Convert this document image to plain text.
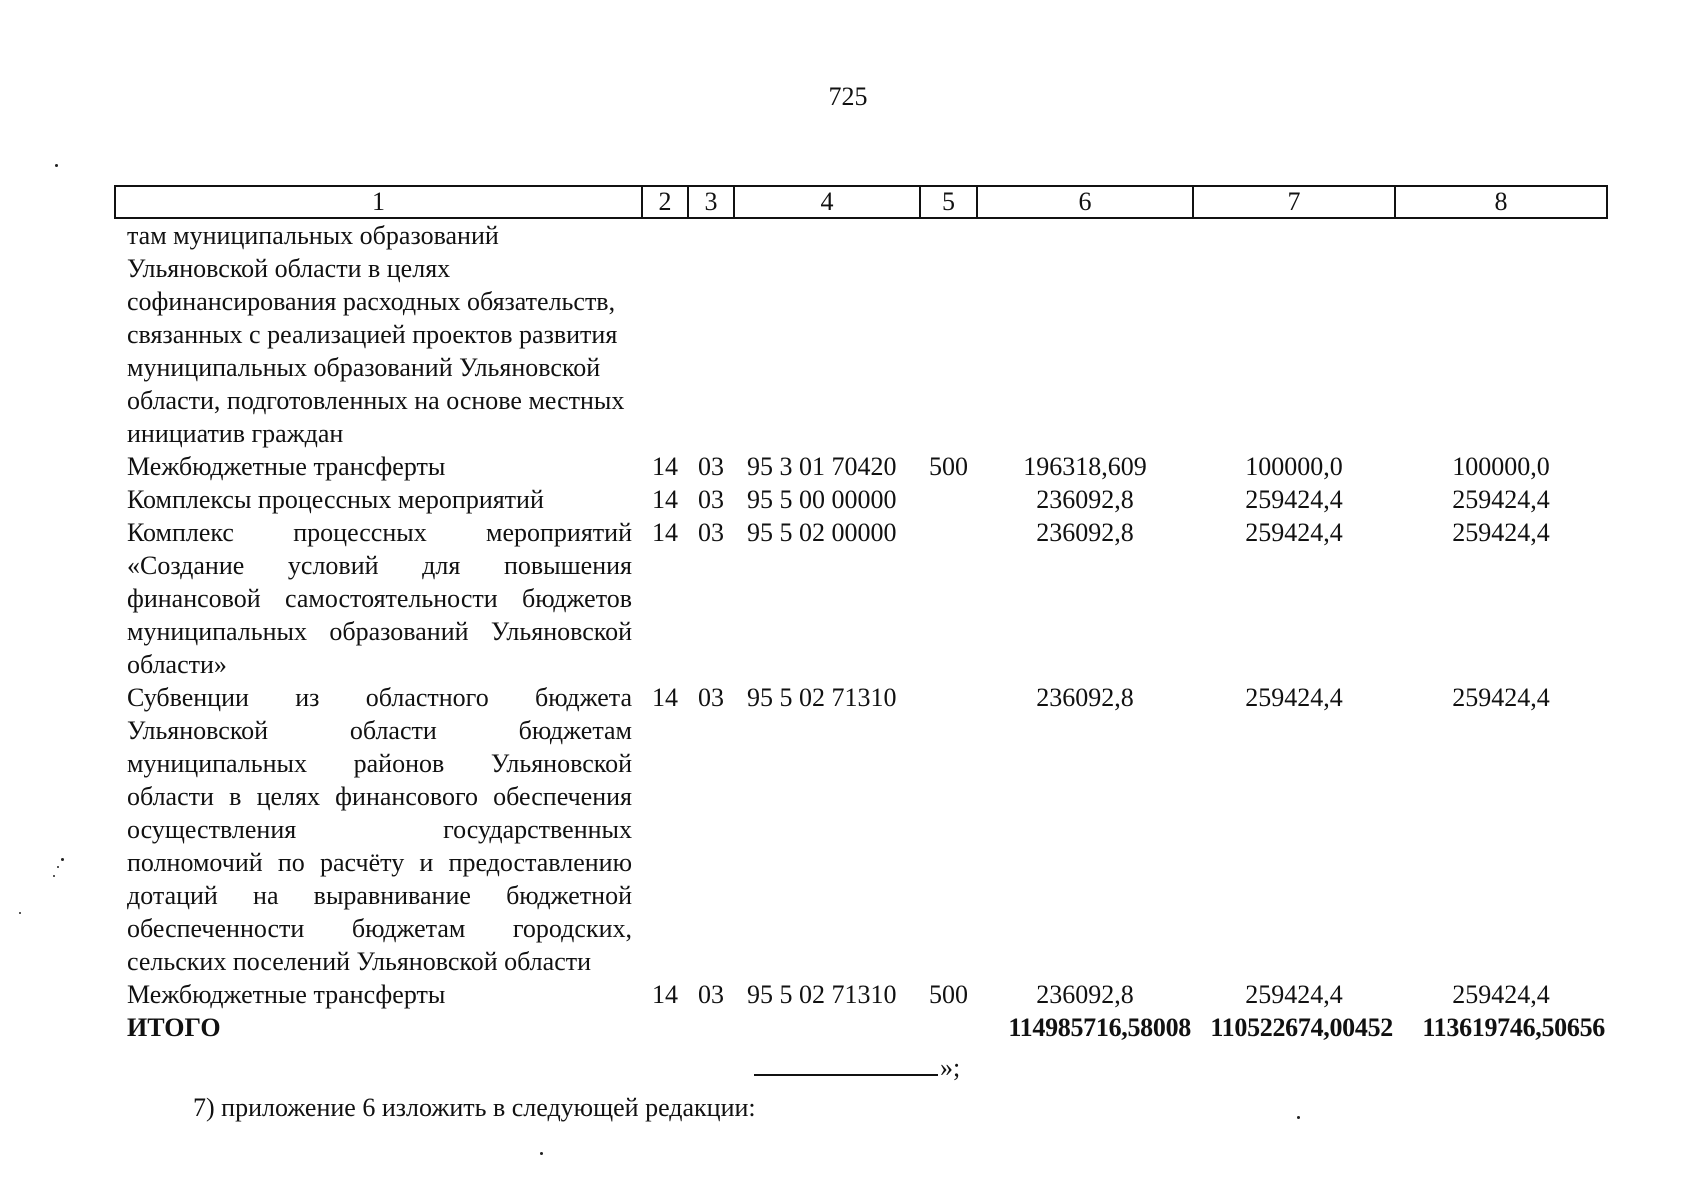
725
1	2	3	4	5	6	7	8
там муниципальных образований Ульяновской области в целях софинансирования расходных обязательств, связанных с реализацией проектов развития муниципальных образований Ульяновской области, подготовленных на основе местных инициатив граждан							
Межбюджетные трансферты	14	03	95 3 01 70420	500	196318,609	100000,0	100000,0
Комплексы процессных мероприятий	14	03	95 5 00 00000		236092,8	259424,4	259424,4
Комплекс процессных мероприятий «Создание условий для повышения финансовой самостоятельности бюджетов муниципальных образований Ульяновской области»	14	03	95 5 02 00000		236092,8	259424,4	259424,4
Субвенции из областного бюджета Ульяновской области бюджетам муниципальных районов Ульяновской области в целях финансового обеспечения осуществления государственных полномочий по расчёту и предоставлению дотаций на выравнивание бюджетной обеспеченности бюджетам городских, сельских поселений Ульяновской области	14	03	95 5 02 71310		236092,8	259424,4	259424,4
Межбюджетные трансферты	14	03	95 5 02 71310	500	236092,8	259424,4	259424,4
ИТОГО					114985716,58008	110522674,00452	113619746,50656
»;
7) приложение 6 изложить в следующей редакции:
